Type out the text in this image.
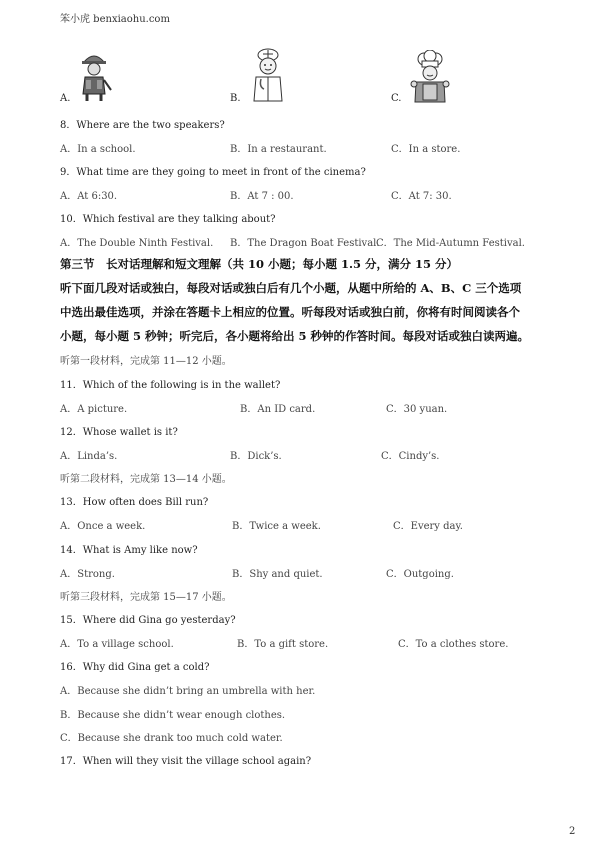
笨小虎 benxiaohu.com
A.	B.	C.
8．Where are the two speakers?
A．In a school.	B．In a restaurant.	C．In a store.
9．What time are they going to meet in front of the cinema?
A．At 6:30.	B．At 7 : 00.	C．At 7: 30.
10．Which festival are they talking about?
A．The Double Ninth Festival. B．The Dragon Boat Festival.
C．The Mid-Autumn Festival.
第三节　长对话理解和短文理解（共 10 小题；每小题 1.5 分，满分 15 分）
听下面几段对话或独白，每段对话或独白后有几个小题，从题中所给的 A、B、C 三个选项
中选出最佳选项，并涂在答题卡上相应的位置。听每段对话或独白前，你将有时间阅读各个
小题，每小题 5 秒钟；听完后，各小题将给出 5 秒钟的作答时间。每段对话或独白读两遍。
听第一段材料，完成第 11—12 小题。
11．Which of the following is in the wallet?
A．A picture.	B．An ID card.	C．30 yuan.
12．Whose wallet is it?
A．Linda’s.	B．Dick’s.	C．Cindy’s.
听第二段材料，完成第 13—14 小题。
13．How often does Bill run?
A．Once a week.	B．Twice a week.	C．Every day.
14．What is Amy like now?
A．Strong.	B．Shy and quiet.	C．Outgoing.
听第三段材料，完成第 15—17 小题。
15．Where did Gina go yesterday?
A．To a village school.	B．To a gift store.	C．To a clothes store.
16．Why did Gina get a cold?
A．Because she didn’t bring an umbrella with her.
B．Because she didn’t wear enough clothes.
C．Because she drank too much cold water.
17．When will they visit the village school again?
2
